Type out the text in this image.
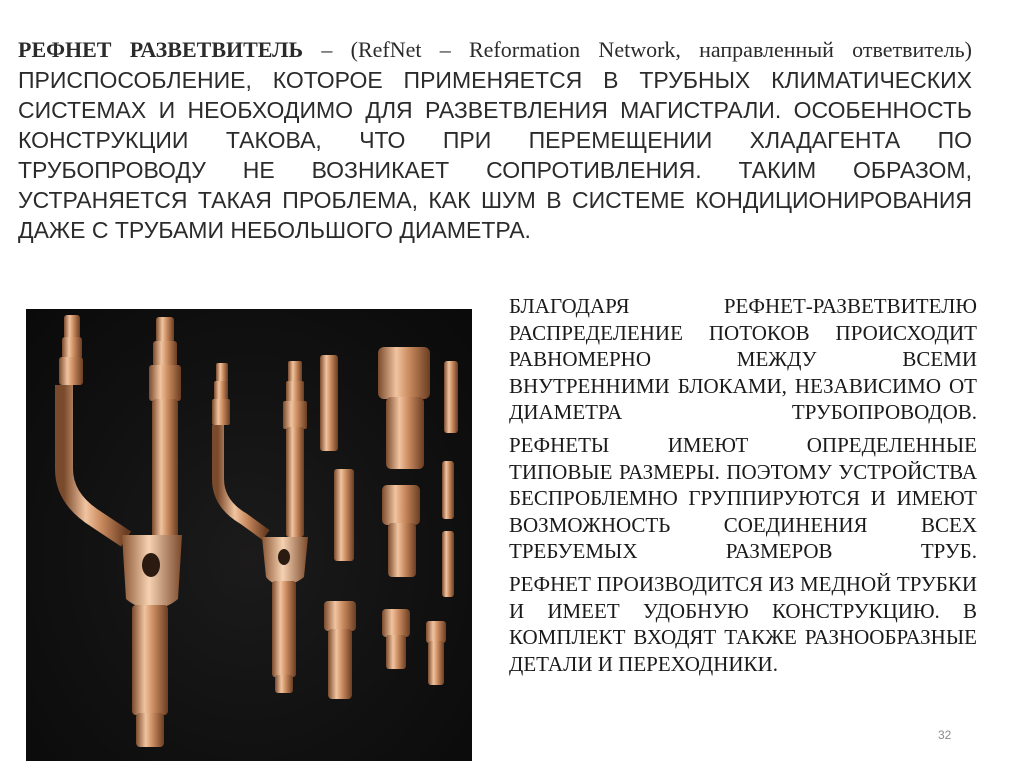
РЕФНЕТ РАЗВЕТВИТЕЛЬ – (RefNet – Reformation Network, направленный ответвитель) ПРИСПОСОБЛЕНИЕ, КОТОРОЕ ПРИМЕНЯЕТСЯ В ТРУБНЫХ КЛИМАТИЧЕСКИХ СИСТЕМАХ И НЕОБХОДИМО ДЛЯ РАЗВЕТВЛЕНИЯ МАГИСТРАЛИ. ОСОБЕННОСТЬ КОНСТРУКЦИИ ТАКОВА, ЧТО ПРИ ПЕРЕМЕЩЕНИИ ХЛАДАГЕНТА ПО ТРУБОПРОВОДУ НЕ ВОЗНИКАЕТ СОПРОТИВЛЕНИЯ. ТАКИМ ОБРАЗОМ, УСТРАНЯЕТСЯ ТАКАЯ ПРОБЛЕМА, КАК ШУМ В СИСТЕМЕ КОНДИЦИОНИРОВАНИЯ ДАЖЕ С ТРУБАМИ НЕБОЛЬШОГО ДИАМЕТРА.

БЛАГОДАРЯ РЕФНЕТ-РАЗВЕТВИТЕЛЮ РАСПРЕДЕЛЕНИЕ ПОТОКОВ ПРОИСХОДИТ РАВНОМЕРНО МЕЖДУ ВСЕМИ ВНУТРЕННИМИ БЛОКАМИ, НЕЗАВИСИМО ОТ ДИАМЕТРА ТРУБОПРОВОДОВ.

РЕФНЕТЫ ИМЕЮТ ОПРЕДЕЛЕННЫЕ ТИПОВЫЕ РАЗМЕРЫ. ПОЭТОМУ УСТРОЙСТВА БЕСПРОБЛЕМНО ГРУППИРУЮТСЯ И ИМЕЮТ ВОЗМОЖНОСТЬ СОЕДИНЕНИЯ ВСЕХ ТРЕБУЕМЫХ РАЗМЕРОВ ТРУБ.

РЕФНЕТ ПРОИЗВОДИТСЯ ИЗ МЕДНОЙ ТРУБКИ И ИМЕЕТ УДОБНУЮ КОНСТРУКЦИЮ. В КОМПЛЕКТ ВХОДЯТ ТАКЖЕ РАЗНООБРАЗНЫЕ ДЕТАЛИ И ПЕРЕХОДНИКИ.

32
